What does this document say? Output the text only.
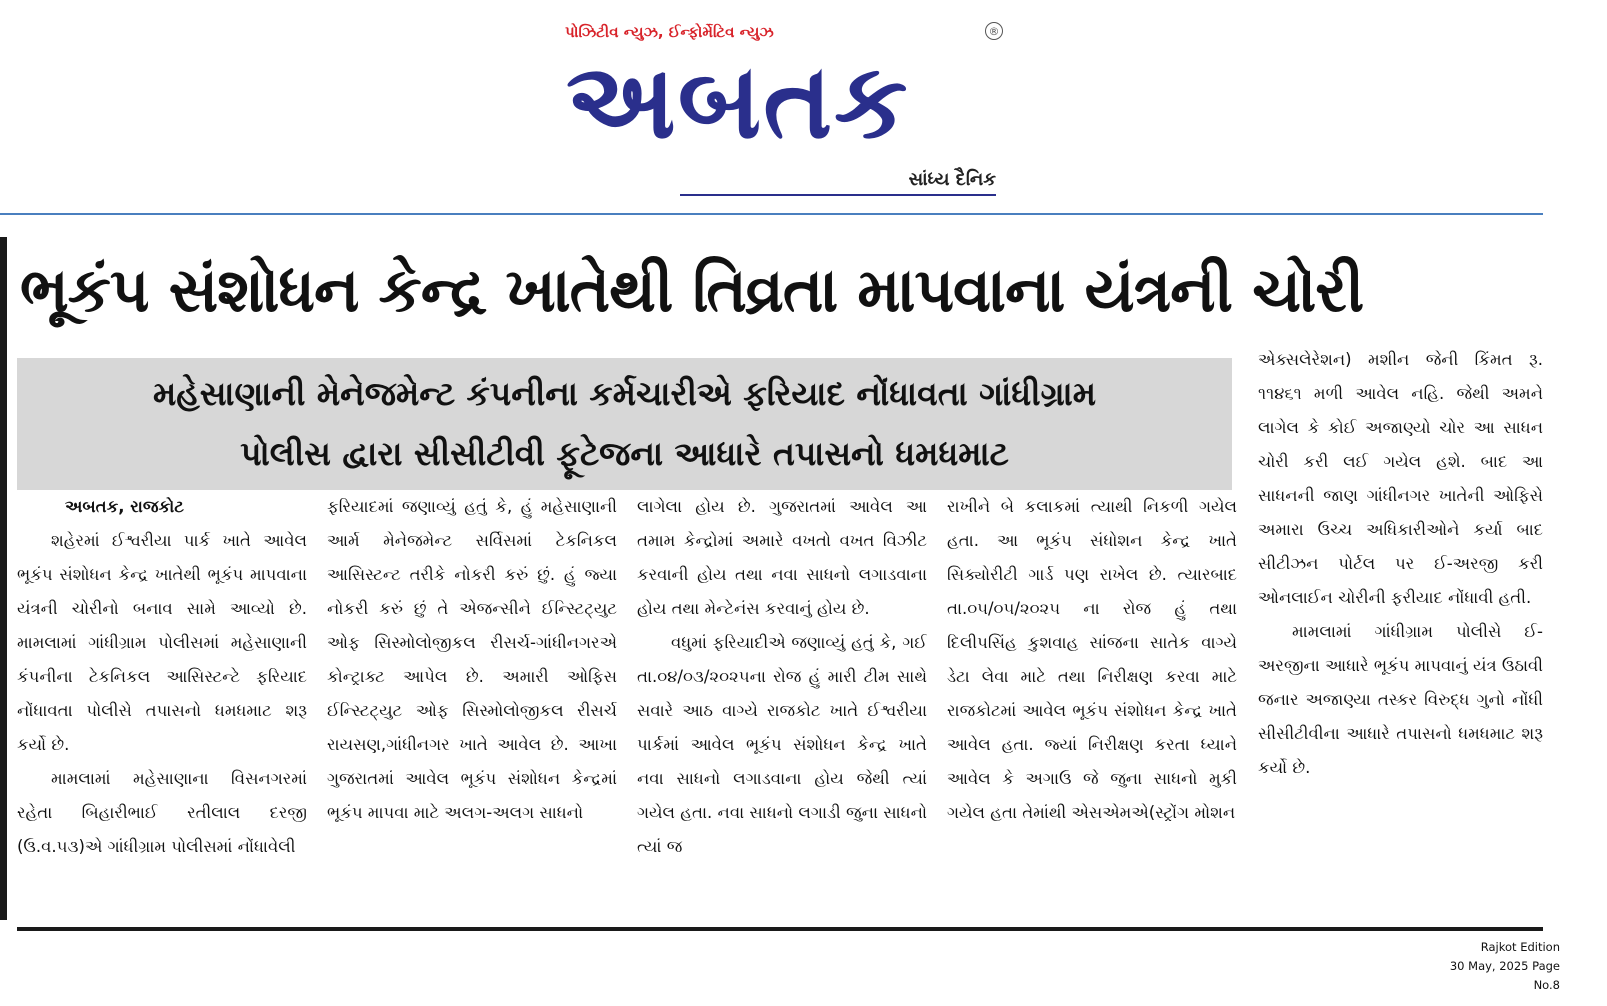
પોઝિટીવ ન્યુઝ, ઈન્ફોર્મેટિવ ન્યુઝ	®
અબતક
સાંધ્ય દૈનિક
ભૂકંપ સંશોધન કેન્દ્ર ખાતેથી તિવ્રતા માપવાના યંત્રની ચોરી
મહેસાણાની મેનેજમેન્ટ કંપનીના કર્મચારીએ ફરિયાદ નોંધાવતા ગાંધીગ્રામ
પોલીસ દ્વારા સીસીટીવી ફૂટેજના આધારે તપાસનો ધમધમાટ

અબતક, રાજકોટ

શહેરમાં ઈશ્વરીયા પાર્ક ખાતે આવેલ ભૂકંપ સંશોધન કેન્દ્ર ખાતેથી ભૂકંપ માપવાના યંત્રની ચોરીનો બનાવ સામે આવ્યો છે. મામલામાં ગાંધીગ્રામ પોલીસમાં મહેસાણાની કંપનીના ટેકનિકલ આસિસ્ટન્ટે ફરિયાદ નોંધાવતા પોલીસે તપાસનો ધમધમાટ શરૂ કર્યો છે.

મામલામાં મહેસાણાના વિસનગરમાં રહેતા બિહારીભાઈ રતીલાલ દરજી (ઉ.વ.૫૩)એ ગાંધીગ્રામ પોલીસમાં નોંધાવેલી

ફરિયાદમાં જણાવ્યું હતું કે, હું મહેસાણાની આર્મ મેનેજમેન્ટ સર્વિસમાં ટેકનિકલ આસિસ્ટન્ટ તરીકે નોકરી કરું છું. હું જ્યા નોકરી કરું છું તે એજન્સીને ઈન્સ્ટિટ્યુટ ઓફ સિસ્મોલોજીકલ રીસર્ચ-ગાંધીનગરએ કોન્ટ્રાક્ટ આપેલ છે. અમારી ઓફિસ ઈન્સ્ટિટ્યુટ ઓફ સિસ્મોલોજીકલ રીસર્ચ રાયસણ,ગાંધીનગર ખાતે આવેલ છે. આખા ગુજરાતમાં આવેલ ભૂકંપ સંશોધન કેન્દ્રમાં ભૂકંપ માપવા માટે અલગ-અલગ સાધનો

લાગેલા હોય છે. ગુજરાતમાં આવેલ આ તમામ કેન્દ્રોમાં અમારે વખતો વખત વિઝીટ કરવાની હોય તથા નવા સાધનો લગાડવાના હોય તથા મેન્ટેનંસ કરવાનું હોય છે.

વધુમાં ફરિયાદીએ જણાવ્યું હતું કે, ગઈ તા.૦૪/૦૩/૨૦૨૫ના રોજ હું મારી ટીમ સાથે સવારે આઠ વાગ્યે રાજકોટ ખાતે ઈશ્વરીયા પાર્કમાં આવેલ ભૂકંપ સંશોધન કેન્દ્ર ખાતે નવા સાધનો લગાડવાના હોય જેથી ત્યાં ગયેલ હતા. નવા સાધનો લગાડી જુના સાધનો ત્યાં જ

રાખીને બે કલાકમાં ત્યાથી નિકળી ગયેલ હતા. આ ભૂકંપ સંધોશન કેન્દ્ર ખાતે સિક્યોરીટી ગાર્ડ પણ રાખેલ છે. ત્યારબાદ તા.૦૫/૦૫/૨૦૨૫ ના રોજ હું તથા દિલીપસિંહ કુશવાહ સાંજના સાતેક વાગ્યે ડેટા લેવા માટે તથા નિરીક્ષણ કરવા માટે રાજકોટમાં આવેલ ભૂકંપ સંશોધન કેન્દ્ર ખાતે આવેલ હતા. જ્યાં નિરીક્ષણ કરતા ધ્યાને આવેલ કે અગાઉ જે જુના સાધનો મુકી ગયેલ હતા તેમાંથી એસએમએ(સ્ટ્રોંગ મોશન

એક્સલેરેશન) મશીન જેની કિંમત રૂ. ૧૧૪૬૧ મળી આવેલ નહિ. જેથી અમને લાગેલ કે કોઈ અજાણ્યો ચોર આ સાધન ચોરી કરી લઈ ગયેલ હશે. બાદ આ સાધનની જાણ ગાંધીનગર ખાતેની ઓફિસે અમારા ઉચ્ચ અધિકારીઓને કર્યા બાદ સીટીઝન પોર્ટલ પર ઈ-અરજી કરી ઓનલાઈન ચોરીની ફરીયાદ નોંધાવી હતી.

મામલામાં ગાંધીગ્રામ પોલીસે ઈ-અરજીના આધારે ભૂકંપ માપવાનું યંત્ર ઉઠાવી જનાર અજાણ્યા તસ્કર વિરુદ્ધ ગુનો નોંધી સીસીટીવીના આધારે તપાસનો ધમધમાટ શરૂ કર્યો છે.

Rajkot Edition
30 May, 2025 Page No.8
